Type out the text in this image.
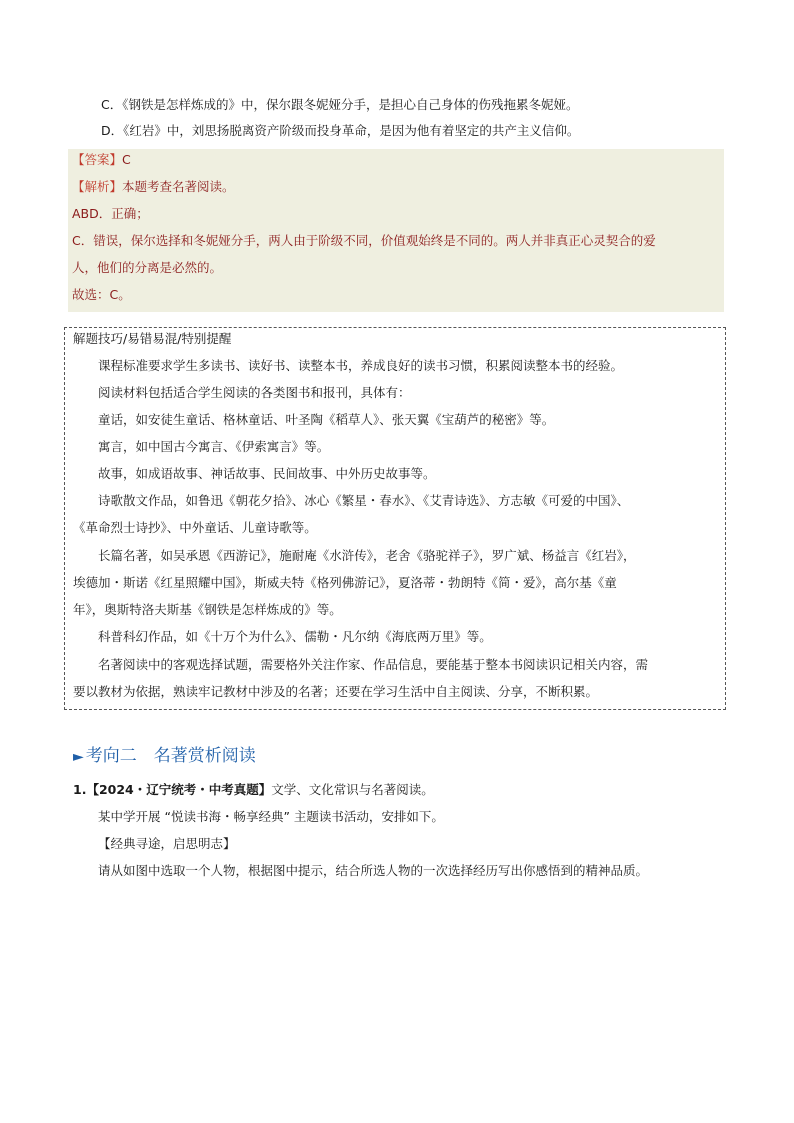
C．《钢铁是怎样炼成的》中，保尔跟冬妮娅分手，是担心自己身体的伤残拖累冬妮娅。
D．《红岩》中，刘思扬脱离资产阶级而投身革命，是因为他有着坚定的共产主义信仰。
【答案】C
【解析】本题考查名著阅读。
ABD．正确；
C．错误，保尔选择和冬妮娅分手，两人由于阶级不同，价值观始终是不同的。两人并非真正心灵契合的爱
人，他们的分离是必然的。
故选：C。
解题技巧/易错易混/特别提醒
课程标准要求学生多读书、读好书、读整本书，养成良好的读书习惯，积累阅读整本书的经验。
阅读材料包括适合学生阅读的各类图书和报刊，具体有：
童话，如安徒生童话、格林童话、叶圣陶《稻草人》、张天翼《宝葫芦的秘密》等。
寓言，如中国古今寓言、《伊索寓言》等。
故事，如成语故事、神话故事、民间故事、中外历史故事等。
诗歌散文作品，如鲁迅《朝花夕拾》、冰心《繁星・春水》、《艾青诗选》、方志敏《可爱的中国》、
《革命烈士诗抄》、中外童话、儿童诗歌等。
长篇名著，如吴承恩《西游记》，施耐庵《水浒传》，老舍《骆驼祥子》，罗广斌、杨益言《红岩》，
埃德加・斯诺《红星照耀中国》，斯威夫特《格列佛游记》，夏洛蒂・勃朗特《简・爱》，高尔基《童
年》，奥斯特洛夫斯基《钢铁是怎样炼成的》等。
科普科幻作品，如《十万个为什么》、儒勒・凡尔纳《海底两万里》等。
名著阅读中的客观选择试题，需要格外关注作家、作品信息，要能基于整本书阅读识记相关内容，需
要以教材为依据，熟读牢记教材中涉及的名著；还要在学习生活中自主阅读、分享，不断积累。
► 考向二　名著赏析阅读
1.【2024・辽宁统考・中考真题】文学、文化常识与名著阅读。
某中学开展 “悦读书海・畅享经典” 主题读书活动，安排如下。
【经典寻途，启思明志】
请从如图中选取一个人物，根据图中提示，结合所选人物的一次选择经历写出你感悟到的精神品质。
